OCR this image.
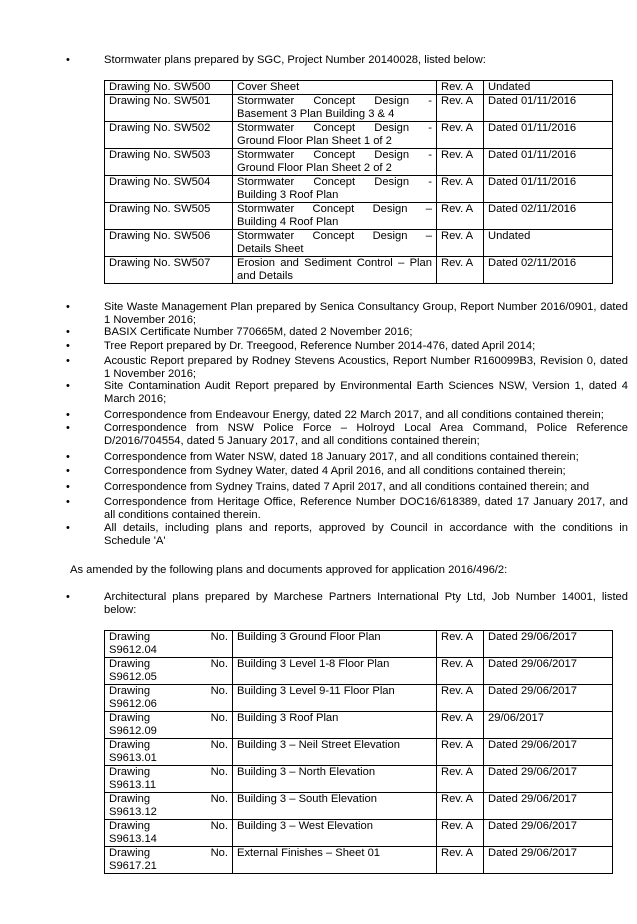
•	Stormwater plans prepared by SGC, Project Number 20140028, listed below:
Drawing No. SW500	Cover Sheet	Rev. A	Undated
Drawing No. SW501	Stormwater Concept Design -
Basement 3 Plan Building 3 & 4	Rev. A	Dated 01/11/2016
Drawing No. SW502	Stormwater Concept Design -
Ground Floor Plan Sheet 1 of 2	Rev. A	Dated 01/11/2016
Drawing No. SW503	Stormwater Concept Design -
Ground Floor Plan Sheet 2 of 2	Rev. A	Dated 01/11/2016
Drawing No. SW504	Stormwater Concept Design -
Building 3 Roof Plan	Rev. A	Dated 01/11/2016
Drawing No. SW505	Stormwater Concept Design –
Building 4 Roof Plan	Rev. A	Dated 02/11/2016
Drawing No. SW506	Stormwater Concept Design –
Details Sheet	Rev. A	Undated
Drawing No. SW507	Erosion and Sediment Control – Plan
and Details	Rev. A	Dated 02/11/2016
•	Site Waste Management Plan prepared by Senica Consultancy Group, Report Number 2016/0901, dated 1 November 2016;
•	BASIX Certificate Number 770665M, dated 2 November 2016;
•	Tree Report prepared by Dr. Treegood, Reference Number 2014-476, dated April 2014;
•	Acoustic Report prepared by Rodney Stevens Acoustics, Report Number R160099B3, Revision 0, dated 1 November 2016;
•	Site Contamination Audit Report prepared by Environmental Earth Sciences NSW, Version 1, dated 4 March 2016;
•	Correspondence from Endeavour Energy, dated 22 March 2017, and all conditions contained therein;
•	Correspondence from NSW Police Force – Holroyd Local Area Command, Police Reference D/2016/704554, dated 5 January 2017, and all conditions contained therein;
•	Correspondence from Water NSW, dated 18 January 2017, and all conditions contained therein;
•	Correspondence from Sydney Water, dated 4 April 2016, and all conditions contained therein;
•	Correspondence from Sydney Trains, dated 7 April 2017, and all conditions contained therein; and
•	Correspondence from Heritage Office, Reference Number DOC16/618389, dated 17 January 2017, and all conditions contained therein.
•	All details, including plans and reports, approved by Council in accordance with the conditions in Schedule 'A'
As amended by the following plans and documents approved for application 2016/496/2:
•	Architectural plans prepared by Marchese Partners International Pty Ltd, Job Number 14001, listed below:
Drawing No.
S9612.04	Building 3 Ground Floor Plan	Rev. A	Dated 29/06/2017

Drawing No.
S9612.05	Building 3 Level 1-8 Floor Plan	Rev. A	Dated 29/06/2017

Drawing No.
S9612.06	Building 3 Level 9-11 Floor Plan	Rev. A	Dated 29/06/2017

Drawing No.
S9612.09	Building 3 Roof Plan	Rev. A	29/06/2017

Drawing No.
S9613.01	Building 3 – Neil Street Elevation	Rev. A	Dated 29/06/2017

Drawing No.
S9613.11	Building 3 – North Elevation	Rev. A	Dated 29/06/2017

Drawing No.
S9613.12	Building 3 – South Elevation	Rev. A	Dated 29/06/2017

Drawing No.
S9613.14	Building 3 – West Elevation	Rev. A	Dated 29/06/2017

Drawing No.
S9617.21	External Finishes – Sheet 01	Rev. A	Dated 29/06/2017
